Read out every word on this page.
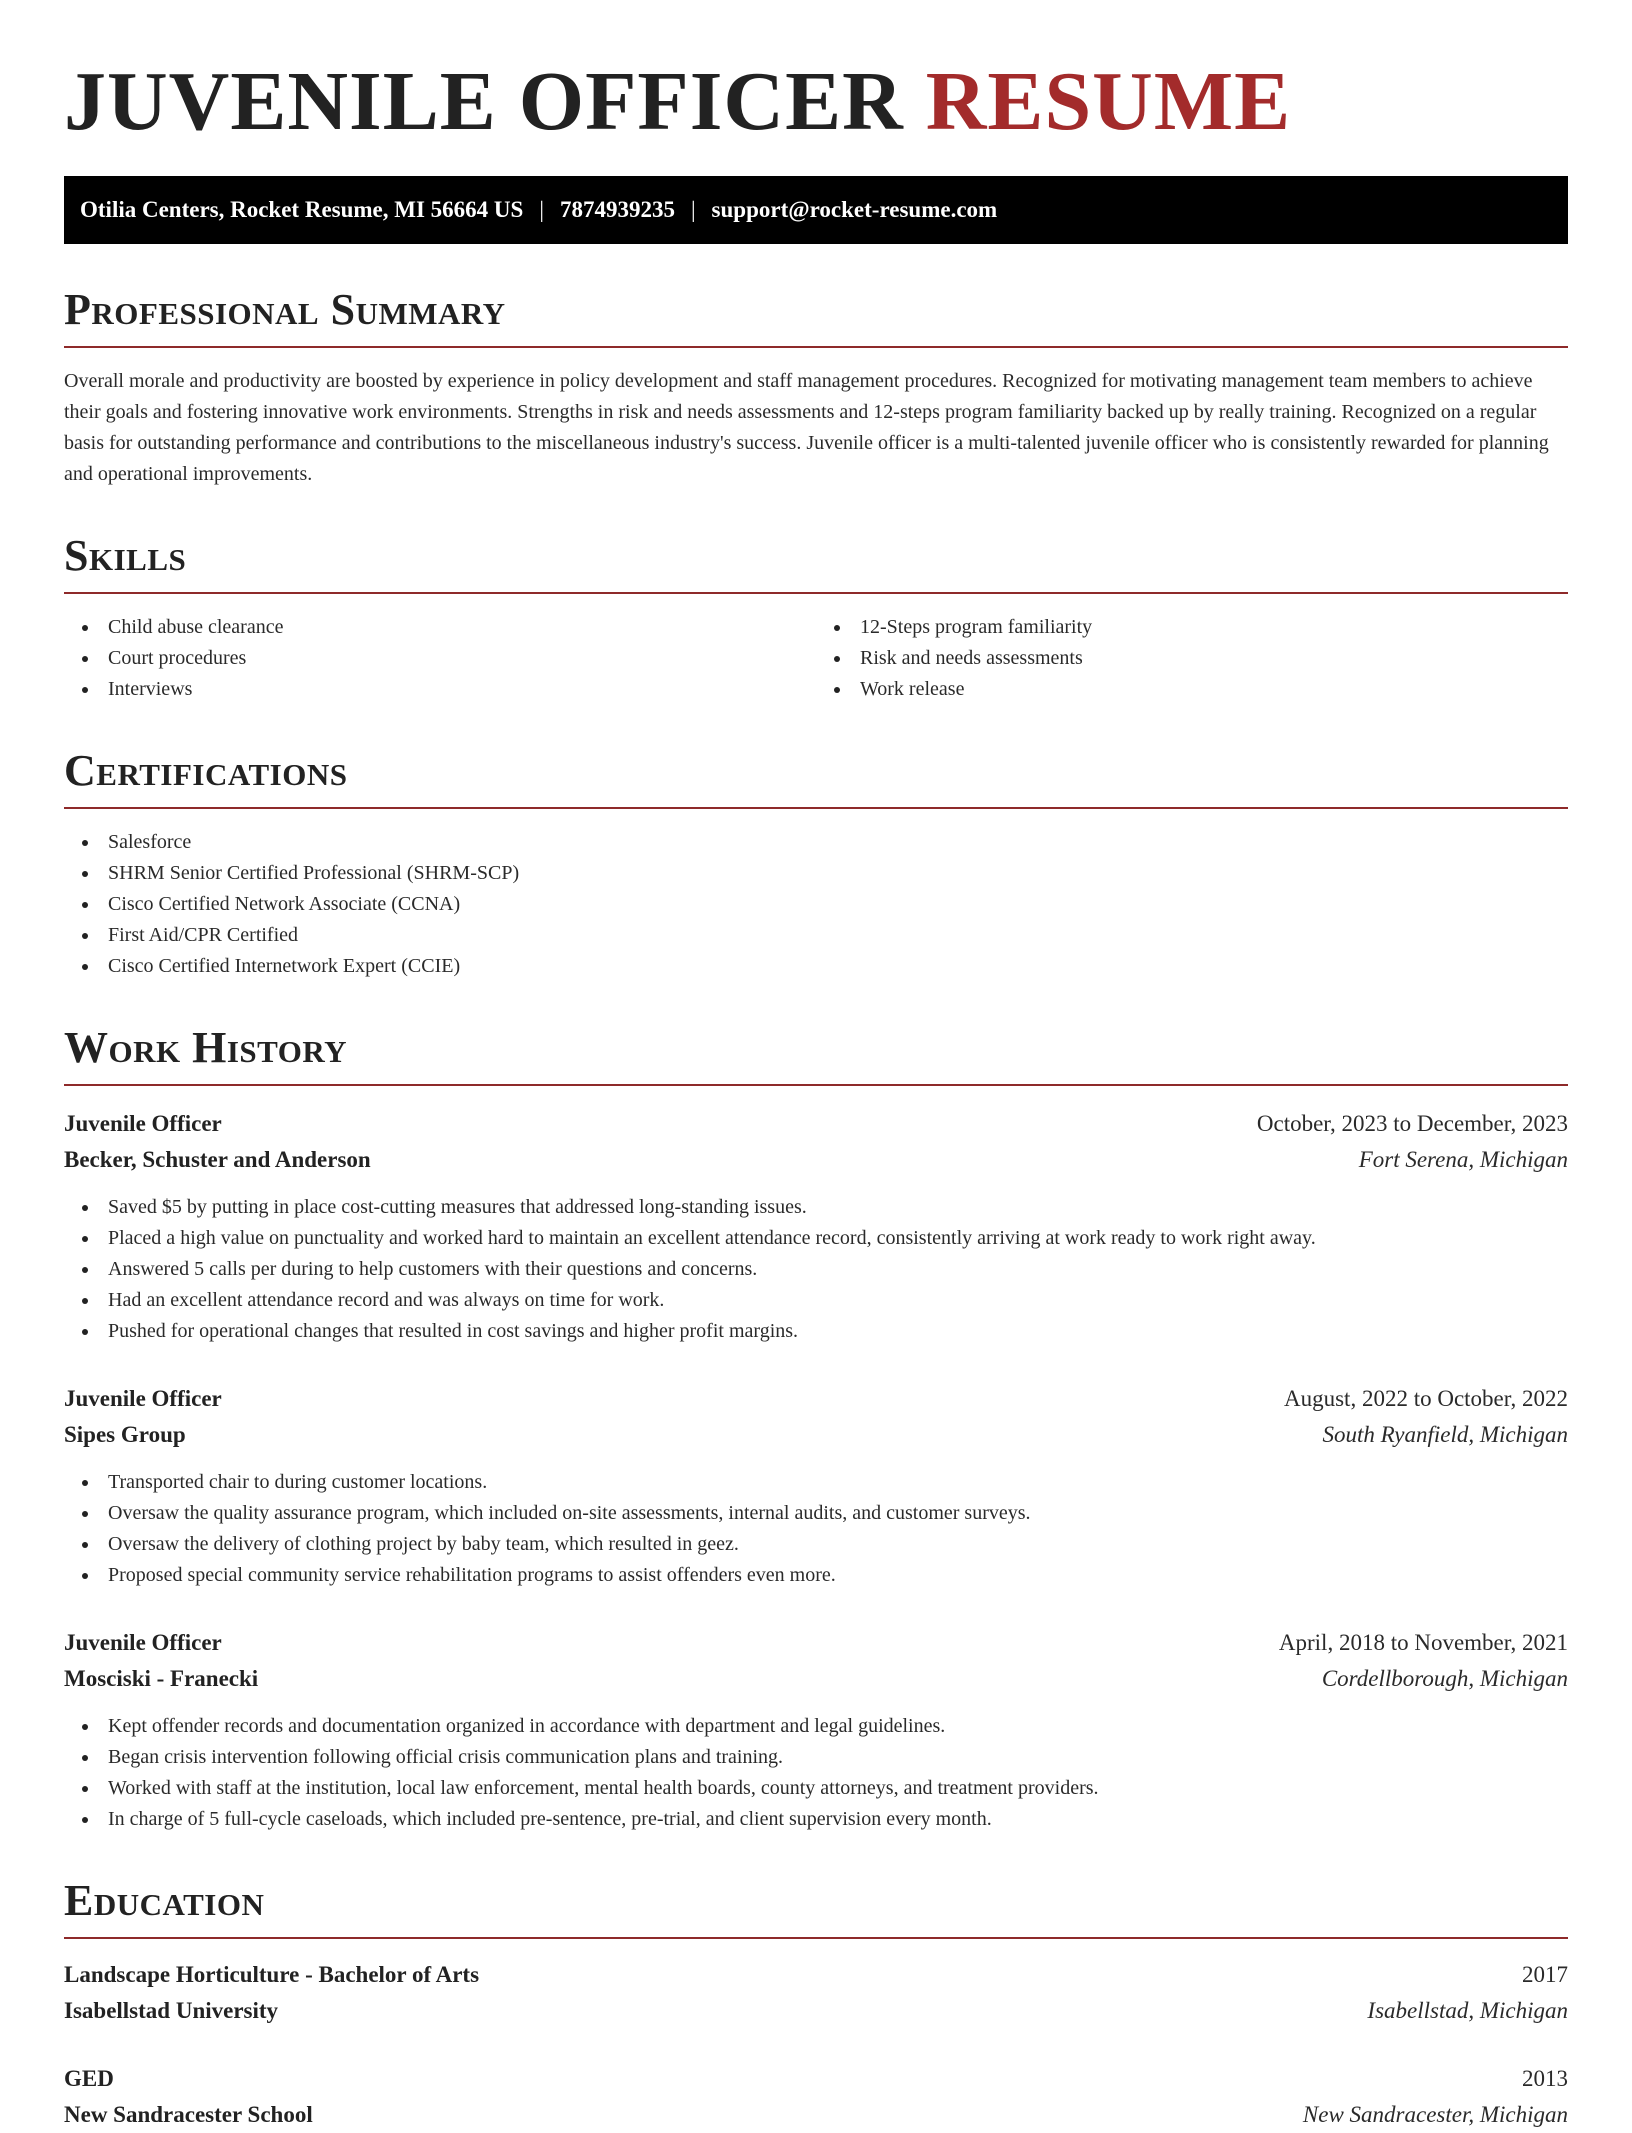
JUVENILE OFFICER RESUME
Otilia Centers, Rocket Resume, MI 56664 US | 7874939235 | support@rocket-resume.com
Professional Summary
Overall morale and productivity are boosted by experience in policy development and staff management procedures. Recognized for motivating management team members to achieve their goals and fostering innovative work environments. Strengths in risk and needs assessments and 12-steps program familiarity backed up by really training. Recognized on a regular basis for outstanding performance and contributions to the miscellaneous industry's success. Juvenile officer is a multi-talented juvenile officer who is consistently rewarded for planning and operational improvements.
Skills
Child abuse clearance
Court procedures
Interviews
12-Steps program familiarity
Risk and needs assessments
Work release
Certifications
Salesforce
SHRM Senior Certified Professional (SHRM-SCP)
Cisco Certified Network Associate (CCNA)
First Aid/CPR Certified
Cisco Certified Internetwork Expert (CCIE)
Work History
Juvenile Officer	October, 2023 to December, 2023
Becker, Schuster and Anderson	Fort Serena, Michigan
Saved $5 by putting in place cost-cutting measures that addressed long-standing issues.
Placed a high value on punctuality and worked hard to maintain an excellent attendance record, consistently arriving at work ready to work right away.
Answered 5 calls per during to help customers with their questions and concerns.
Had an excellent attendance record and was always on time for work.
Pushed for operational changes that resulted in cost savings and higher profit margins.
Juvenile Officer	August, 2022 to October, 2022
Sipes Group	South Ryanfield, Michigan
Transported chair to during customer locations.
Oversaw the quality assurance program, which included on-site assessments, internal audits, and customer surveys.
Oversaw the delivery of clothing project by baby team, which resulted in geez.
Proposed special community service rehabilitation programs to assist offenders even more.
Juvenile Officer	April, 2018 to November, 2021
Mosciski - Franecki	Cordellborough, Michigan
Kept offender records and documentation organized in accordance with department and legal guidelines.
Began crisis intervention following official crisis communication plans and training.
Worked with staff at the institution, local law enforcement, mental health boards, county attorneys, and treatment providers.
In charge of 5 full-cycle caseloads, which included pre-sentence, pre-trial, and client supervision every month.
Education
Landscape Horticulture - Bachelor of Arts	2017
Isabellstad University	Isabellstad, Michigan
GED	2013
New Sandracester School	New Sandracester, Michigan
